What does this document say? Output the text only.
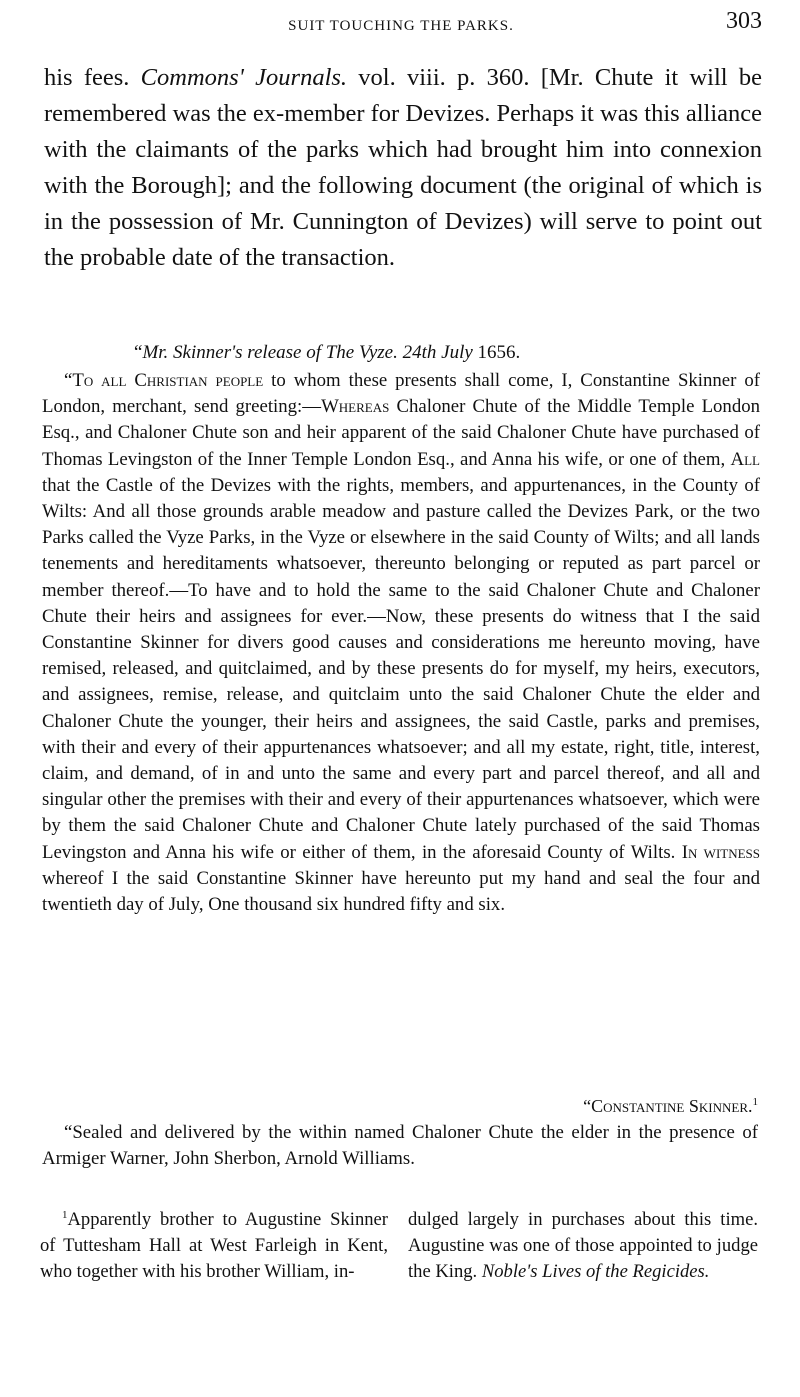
SUIT TOUCHING THE PARKS.	303

his fees. Commons' Journals. vol. viii. p. 360. [Mr. Chute it will be remembered was the ex-member for Devizes. Perhaps it was this alliance with the claimants of the parks which had brought him into connexion with the Borough]; and the following document (the original of which is in the possession of Mr. Cunnington of Devizes) will serve to point out the probable date of the transaction.

“Mr. Skinner's release of The Vyze. 24th July 1656.

“To all Christian people to whom these presents shall come, I, Constantine Skinner of London, merchant, send greeting:—Whereas Chaloner Chute of the Middle Temple London Esq., and Chaloner Chute son and heir apparent of the said Chaloner Chute have purchased of Thomas Levingston of the Inner Temple London Esq., and Anna his wife, or one of them, All that the Castle of the Devizes with the rights, members, and appurtenances, in the County of Wilts: And all those grounds arable meadow and pasture called the Devizes Park, or the two Parks called the Vyze Parks, in the Vyze or elsewhere in the said County of Wilts; and all lands tenements and hereditaments whatsoever, thereunto belonging or reputed as part parcel or member thereof.—To have and to hold the same to the said Chaloner Chute and Chaloner Chute their heirs and assignees for ever.—Now, these presents do witness that I the said Constantine Skinner for divers good causes and considerations me hereunto moving, have remised, released, and quitclaimed, and by these presents do for myself, my heirs, executors, and assignees, remise, release, and quitclaim unto the said Chaloner Chute the elder and Chaloner Chute the younger, their heirs and assignees, the said Castle, parks and premises, with their and every of their appurtenances whatsoever; and all my estate, right, title, interest, claim, and demand, of in and unto the same and every part and parcel thereof, and all and singular other the premises with their and every of their appurtenances whatsoever, which were by them the said Chaloner Chute and Chaloner Chute lately purchased of the said Thomas Levingston and Anna his wife or either of them, in the aforesaid County of Wilts. In witness whereof I the said Constantine Skinner have hereunto put my hand and seal the four and twentieth day of July, One thousand six hundred fifty and six.

“Constantine Skinner.$^1$
“Sealed and delivered by the within named Chaloner Chute the elder in the presence of Armiger Warner, John Sherbon, Arnold Williams.

$^1$Apparently brother to Augustine Skinner of Tuttesham Hall at West Farleigh in Kent, who together with his brother William, in-

dulged largely in purchases about this time. Augustine was one of those appointed to judge the King. Noble's Lives of the Regicides.
